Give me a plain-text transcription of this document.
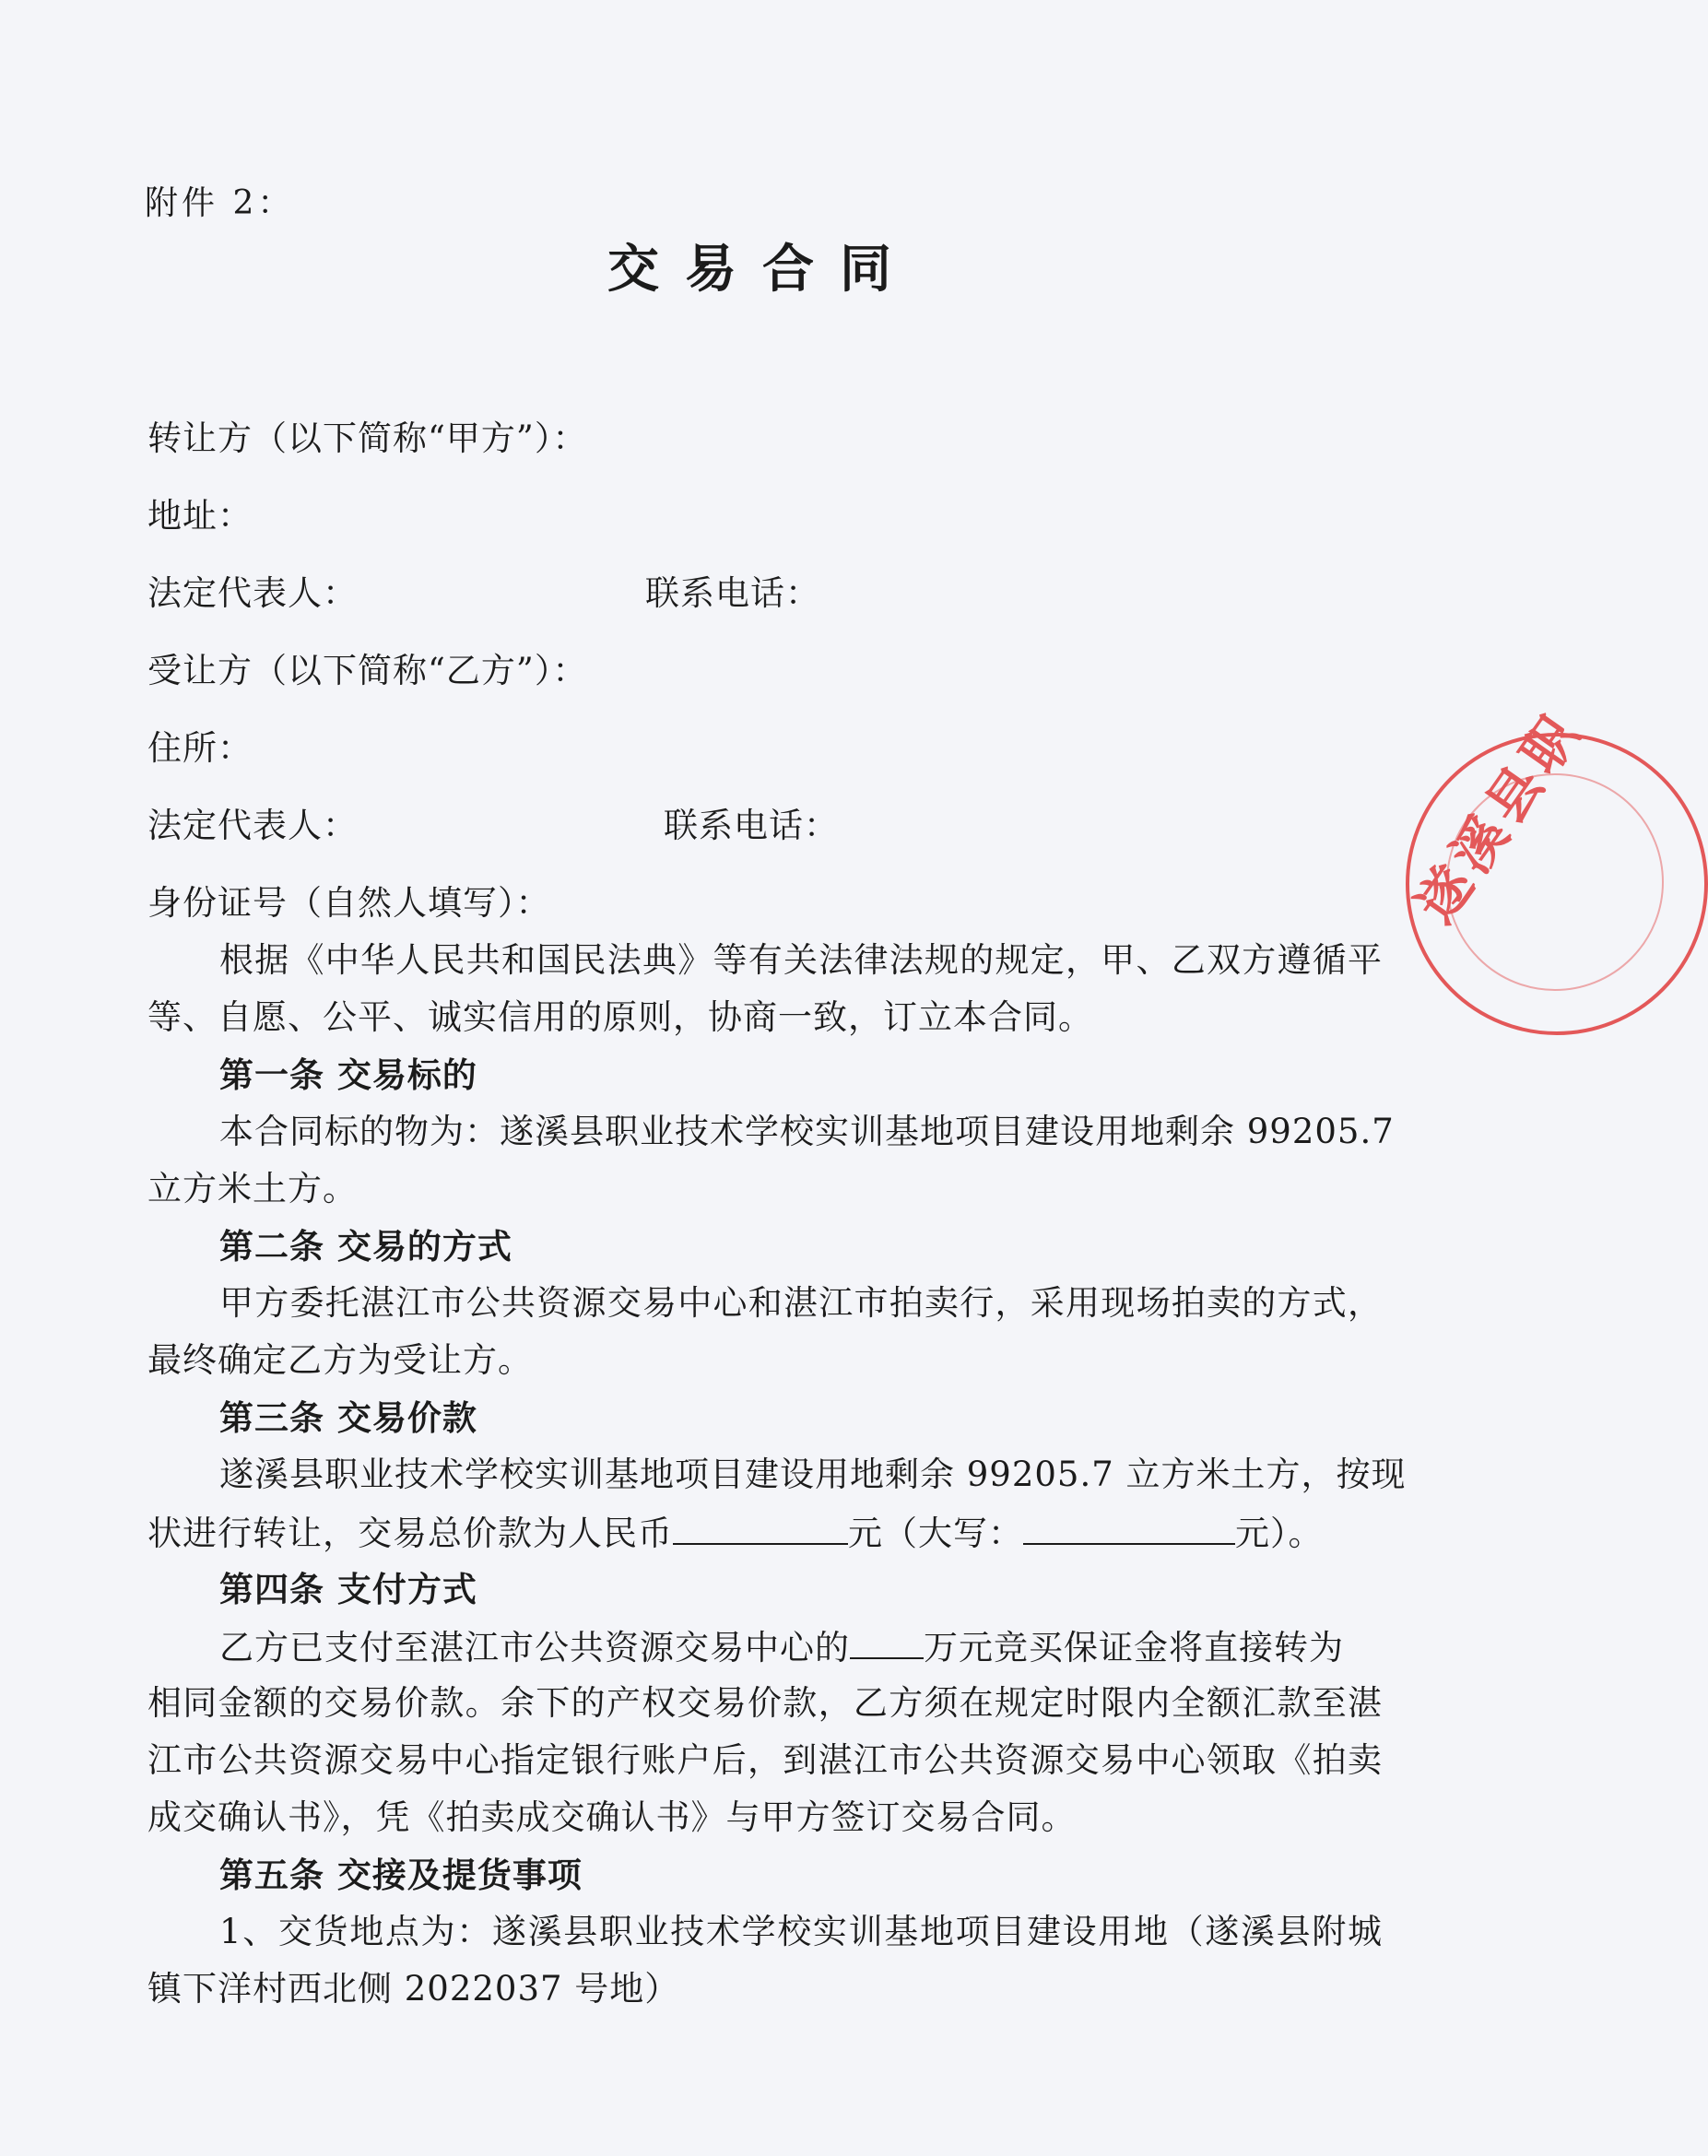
附件 2：
交易合同
转让方（以下简称“甲方”）：
地址：
法定代表人：	联系电话：
受让方（以下简称“乙方”）：
住所：
法定代表人：	联系电话：
身份证号（自然人填写）：
根据《中华人民共和国民法典》等有关法律法规的规定，甲、乙双方遵循平
等、自愿、公平、诚实信用的原则，协商一致，订立本合同。
第一条 交易标的
本合同标的物为：遂溪县职业技术学校实训基地项目建设用地剩余 99205.7
立方米土方。
第二条 交易的方式
甲方委托湛江市公共资源交易中心和湛江市拍卖行，采用现场拍卖的方式，
最终确定乙方为受让方。
第三条 交易价款
遂溪县职业技术学校实训基地项目建设用地剩余 99205.7 立方米土方，按现
状进行转让，交易总价款为人民币	元（大写：	元）。
第四条 支付方式
乙方已支付至湛江市公共资源交易中心的 万元竞买保证金将直接转为
相同金额的交易价款。余下的产权交易价款，乙方须在规定时限内全额汇款至湛
江市公共资源交易中心指定银行账户后，到湛江市公共资源交易中心领取《拍卖
成交确认书》，凭《拍卖成交确认书》与甲方签订交易合同。
第五条 交接及提货事项
1、交货地点为：遂溪县职业技术学校实训基地项目建设用地（遂溪县附城
镇下洋村西北侧 2022037 号地）
遂溪县职
